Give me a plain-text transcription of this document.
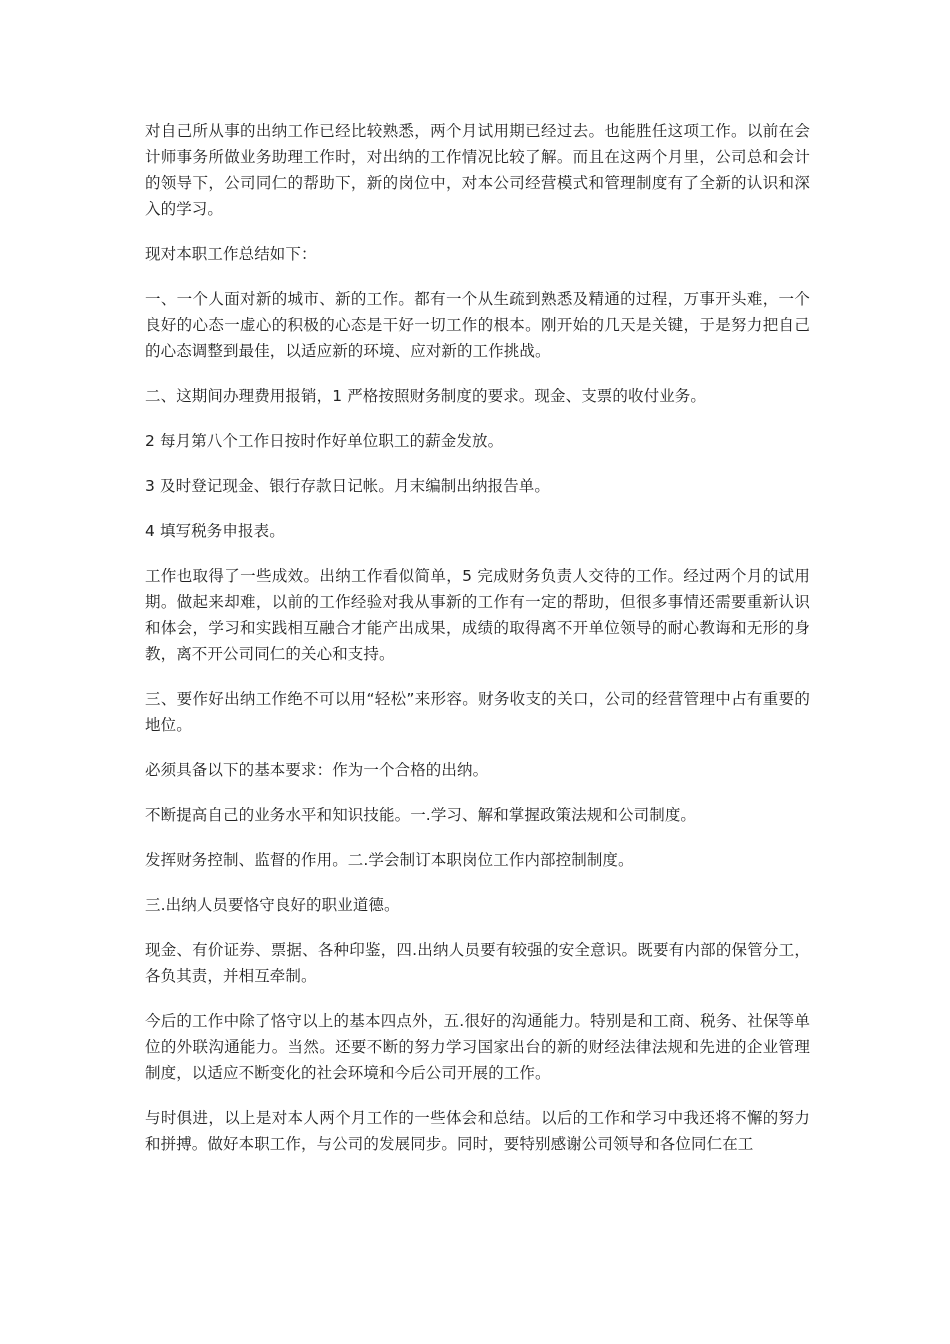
对自己所从事的出纳工作已经比较熟悉，两个月试用期已经过去。也能胜任这项工作。以前在会计师事务所做业务助理工作时，对出纳的工作情况比较了解。而且在这两个月里，公司总和会计的领导下，公司同仁的帮助下，新的岗位中，对本公司经营模式和管理制度有了全新的认识和深入的学习。

现对本职工作总结如下：

一、一个人面对新的城市、新的工作。都有一个从生疏到熟悉及精通的过程，万事开头难，一个良好的心态一虚心的积极的心态是干好一切工作的根本。刚开始的几天是关键，于是努力把自己的心态调整到最佳，以适应新的环境、应对新的工作挑战。

二、这期间办理费用报销，1 严格按照财务制度的要求。现金、支票的收付业务。

2 每月第八个工作日按时作好单位职工的薪金发放。

3 及时登记现金、银行存款日记帐。月末编制出纳报告单。

4 填写税务申报表。

工作也取得了一些成效。出纳工作看似简单，5 完成财务负责人交待的工作。经过两个月的试用期。做起来却难，以前的工作经验对我从事新的工作有一定的帮助，但很多事情还需要重新认识和体会，学习和实践相互融合才能产出成果，成绩的取得离不开单位领导的耐心教诲和无形的身教，离不开公司同仁的关心和支持。

三、要作好出纳工作绝不可以用“轻松”来形容。财务收支的关口，公司的经营管理中占有重要的地位。

必须具备以下的基本要求：作为一个合格的出纳。

不断提高自己的业务水平和知识技能。一.学习、解和掌握政策法规和公司制度。

发挥财务控制、监督的作用。二.学会制订本职岗位工作内部控制制度。

三.出纳人员要恪守良好的职业道德。

现金、有价证券、票据、各种印鉴，四.出纳人员要有较强的安全意识。既要有内部的保管分工，各负其责，并相互牵制。

今后的工作中除了恪守以上的基本四点外，五.很好的沟通能力。特别是和工商、税务、社保等单位的外联沟通能力。当然。还要不断的努力学习国家出台的新的财经法律法规和先进的企业管理制度，以适应不断变化的社会环境和今后公司开展的工作。

与时俱进，以上是对本人两个月工作的一些体会和总结。以后的工作和学习中我还将不懈的努力和拼搏。做好本职工作，与公司的发展同步。同时，要特别感谢公司领导和各位同仁在工
